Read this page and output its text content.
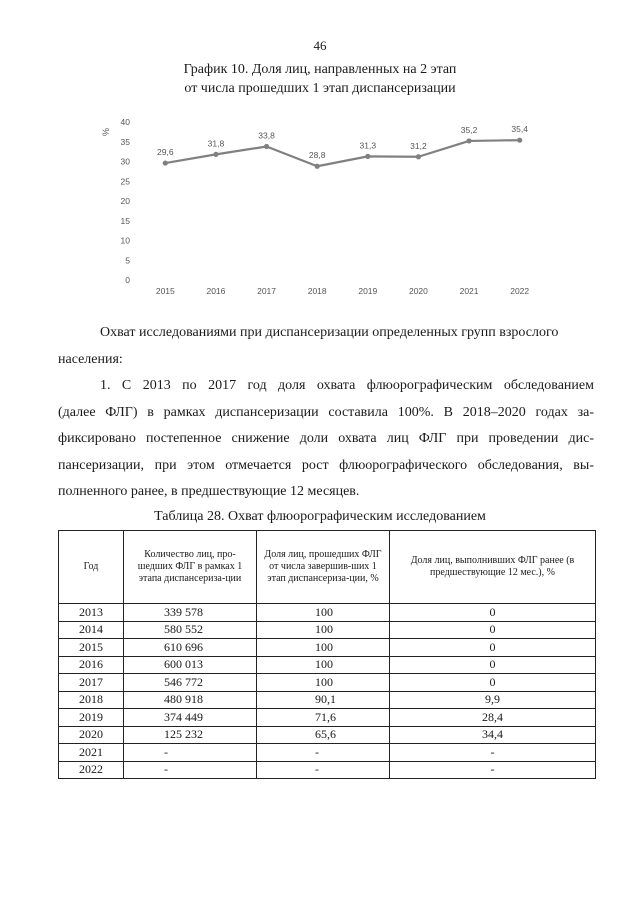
46
График 10. Доля лиц, направленных на 2 этап
от числа прошедших 1 этап диспансеризации
0
5
10
15
20
25
30
35
40
%
2015	2016	2017	2018	2019	2020	2021	2022
29,6
31,8
33,8
28,8
31,3	31,2
35,2	35,4
Охват исследованиями при диспансеризации определенных групп взрослого
населения:
1. С 2013 по 2017 год доля охвата флюорографическим обследованием
(далее ФЛГ) в рамках диспансеризации составила 100%. В 2018–2020 годах за-
фиксировано постепенное снижение доли охвата лиц ФЛГ при проведении дис-
пансеризации, при этом отмечается рост флюорографического обследования, вы-
полненного ранее, в предшествующие 12 месяцев.
Таблица 28. Охват флюорографическим исследованием
Год	Количество лиц, про-шедших ФЛГ в рамках 1 этапа диспансериза-ции	Доля лиц, прошедших ФЛГ от числа завершив-ших 1 этап диспансериза-ции, %	Доля лиц, выполнивших ФЛГ ранее (в предшествующие 12 мес.), %
2013	339 578	100	0
2014	580 552	100	0
2015	610 696	100	0
2016	600 013	100	0
2017	546 772	100	0
2018	480 918	90,1	9,9
2019	374 449	71,6	28,4
2020	125 232	65,6	34,4
2021	-	-	-
2022	-	-	-
